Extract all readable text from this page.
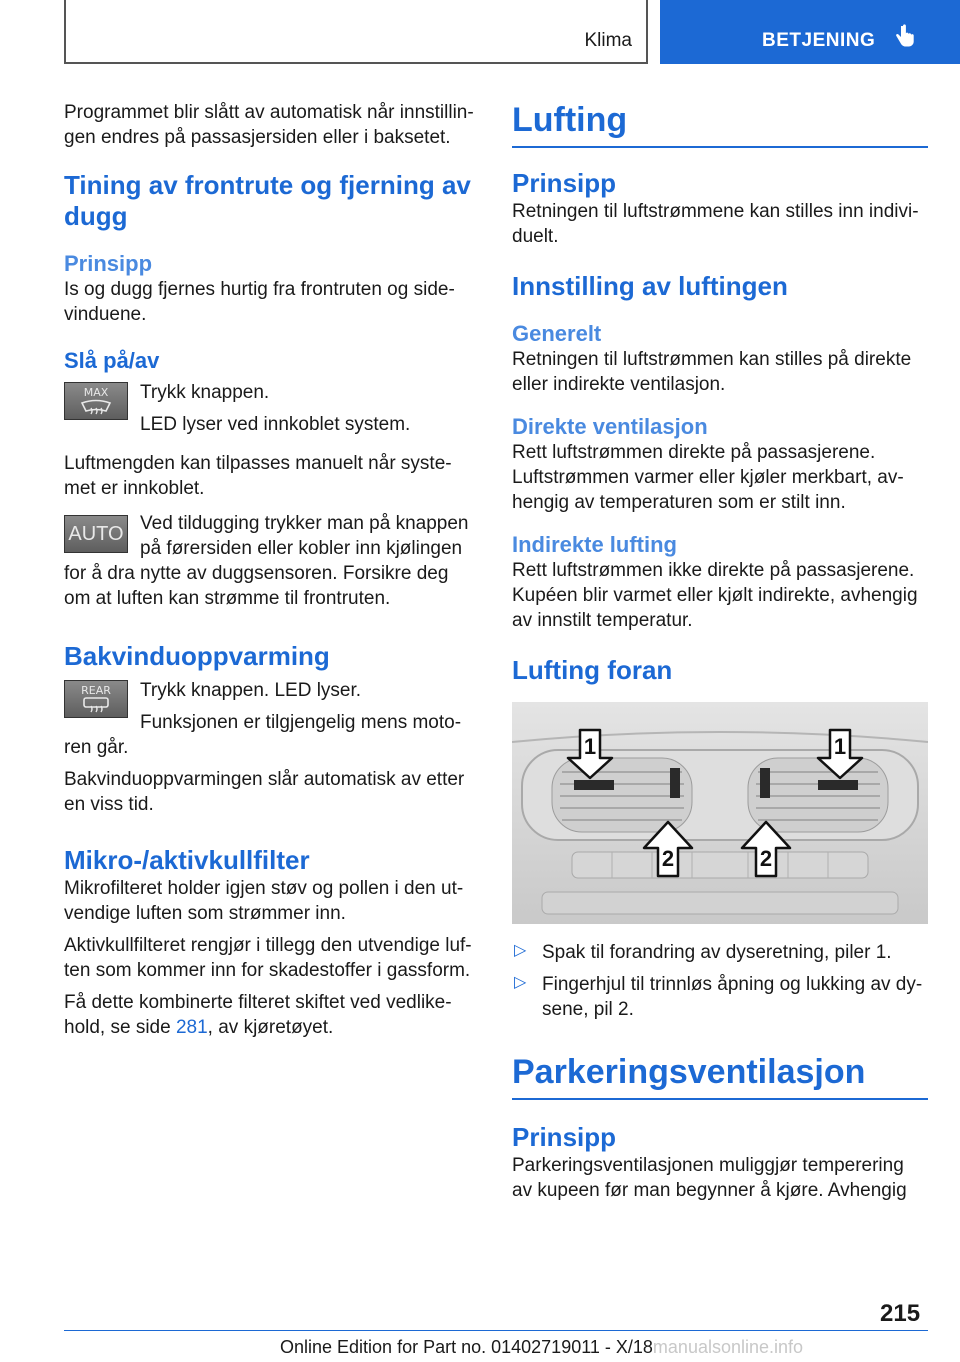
Klima	BETJENING

Programmet blir slått av automatisk når innstillin-

gen endres på passasjersiden eller i baksetet.

Tining av frontrute og fjerning av
dugg
Prinsipp

Is og dugg fjernes hurtig fra frontruten og side-

vinduene.

Slå på/av
MAX	Trykk knappen.

LED lyser ved innkoblet system.

Luftmengden kan tilpasses manuelt når syste-

met er innkoblet.

AUTO Ved tildugging trykker man på knappen

på førersiden eller kobler inn kjølingen

for å dra nytte av duggsensoren. Forsikre deg

om at luften kan strømme til frontruten.

Bakvinduoppvarming
REAR	Trykk knappen. LED lyser.

Funksjonen er tilgjengelig mens moto-

ren går.

Bakvinduoppvarmingen slår automatisk av etter

en viss tid.

Mikro-/aktivkullfilter

Mikrofilteret holder igjen støv og pollen i den ut-

vendige luften som strømmer inn.

Aktivkullfilteret rengjør i tillegg den utvendige luf-

ten som kommer inn for skadestoffer i gassform.

Få dette kombinerte filteret skiftet ved vedlike-

hold, se side 281, av kjøretøyet.

Lufting
Prinsipp

Retningen til luftstrømmene kan stilles inn indivi-

duelt.

Innstilling av luftingen
Generelt

Retningen til luftstrømmen kan stilles på direkte

eller indirekte ventilasjon.

Direkte ventilasjon

Rett luftstrømmen direkte på passasjerene.

Luftstrømmen varmer eller kjøler merkbart, av-

hengig av temperaturen som er stilt inn.

Indirekte lufting

Rett luftstrømmen ikke direkte på passasjerene.

Kupéen blir varmet eller kjølt indirekte, avhengig

av innstilt temperatur.

Lufting foran
1	1
2	2
▷ Spak til forandring av dyseretning, piler 1.

▷ Fingerhjul til trinnløs åpning og lukking av dy-

sene, pil 2.

Parkeringsventilasjon
Prinsipp

Parkeringsventilasjonen muliggjør temperering

av kupeen før man begynner å kjøre. Avhengig

215
Online Edition for Part no. 01402719011 - X/18manualsonline.info
